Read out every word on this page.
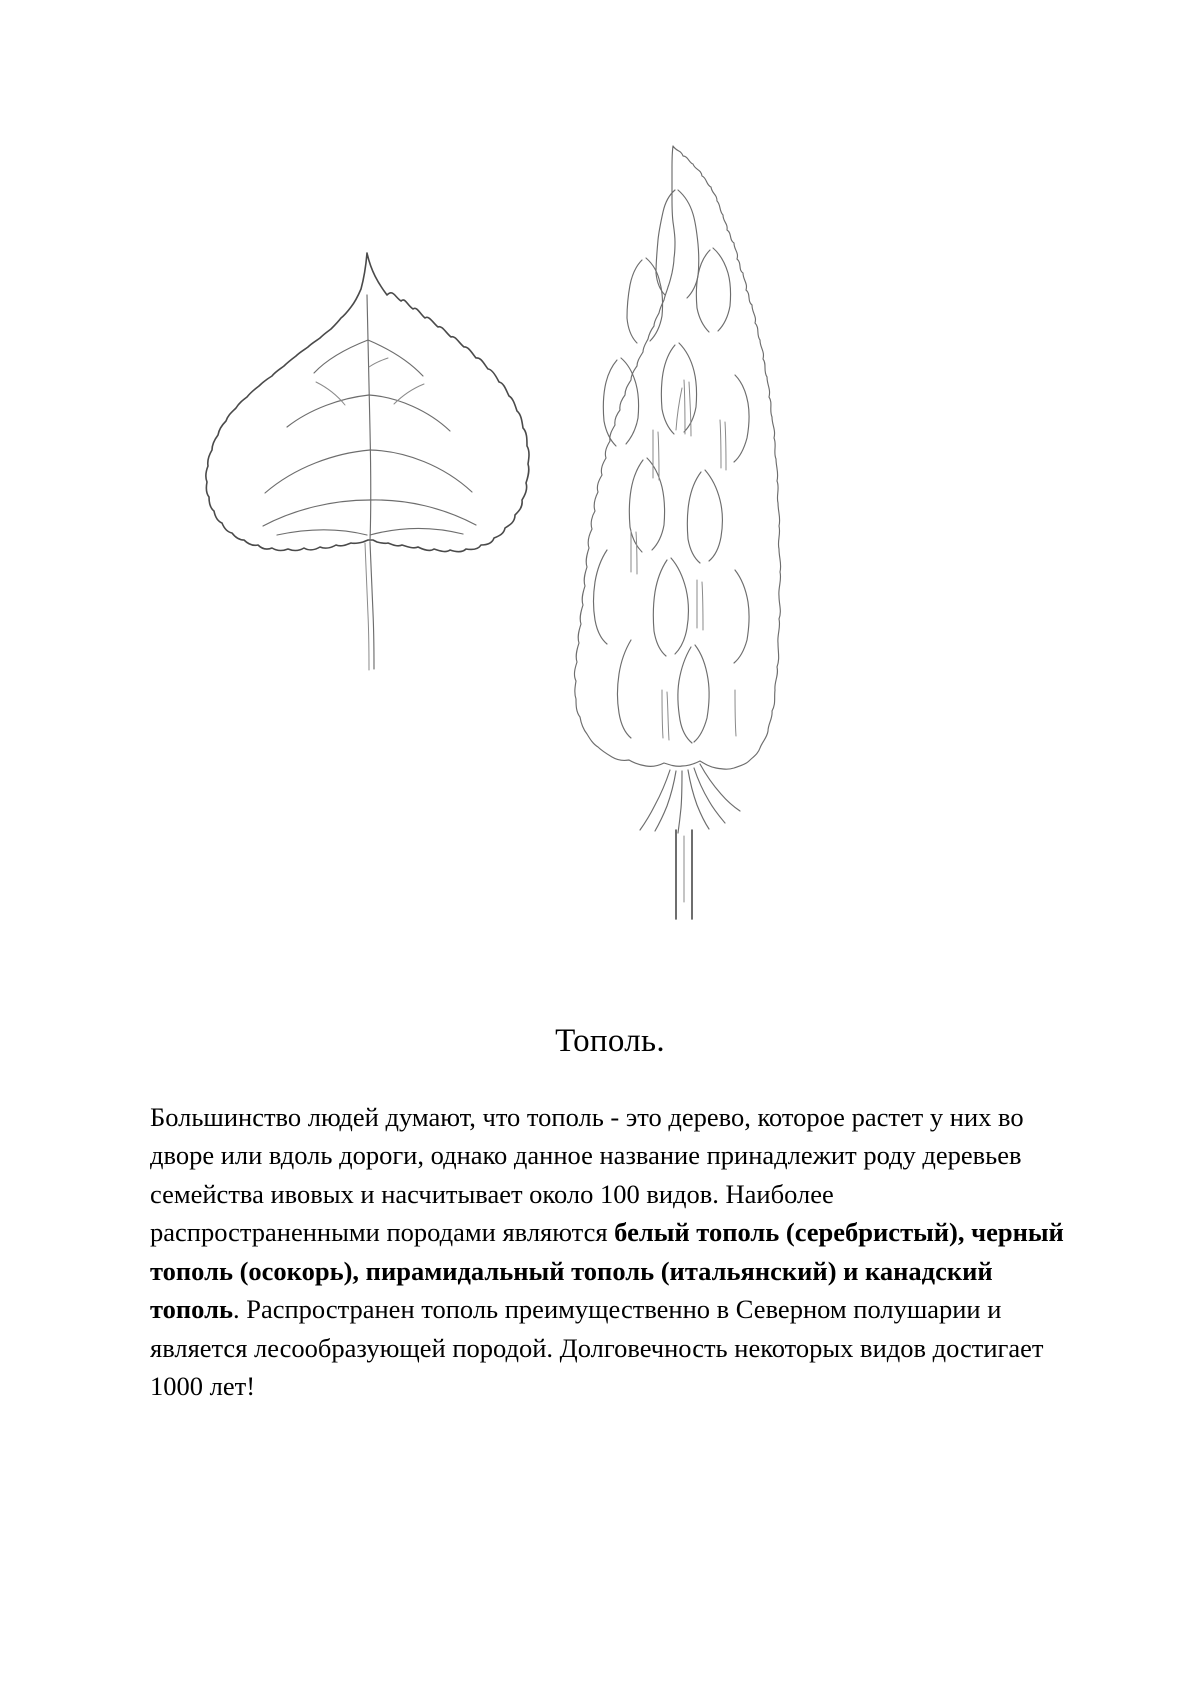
Тополь.

Большинство людей думают, что тополь - это дерево, которое растет у них во дворе или вдоль дороги, однако данное название принадлежит роду деревьев семейства ивовых и насчитывает около 100 видов. Наиболее распространенными породами являются белый тополь (серебристый), черный тополь (осокорь), пирамидальный тополь (итальянский) и канадский тополь. Распространен тополь преимущественно в Северном полушарии и является лесообразующей породой. Долговечность некоторых видов достигает 1000 лет!
